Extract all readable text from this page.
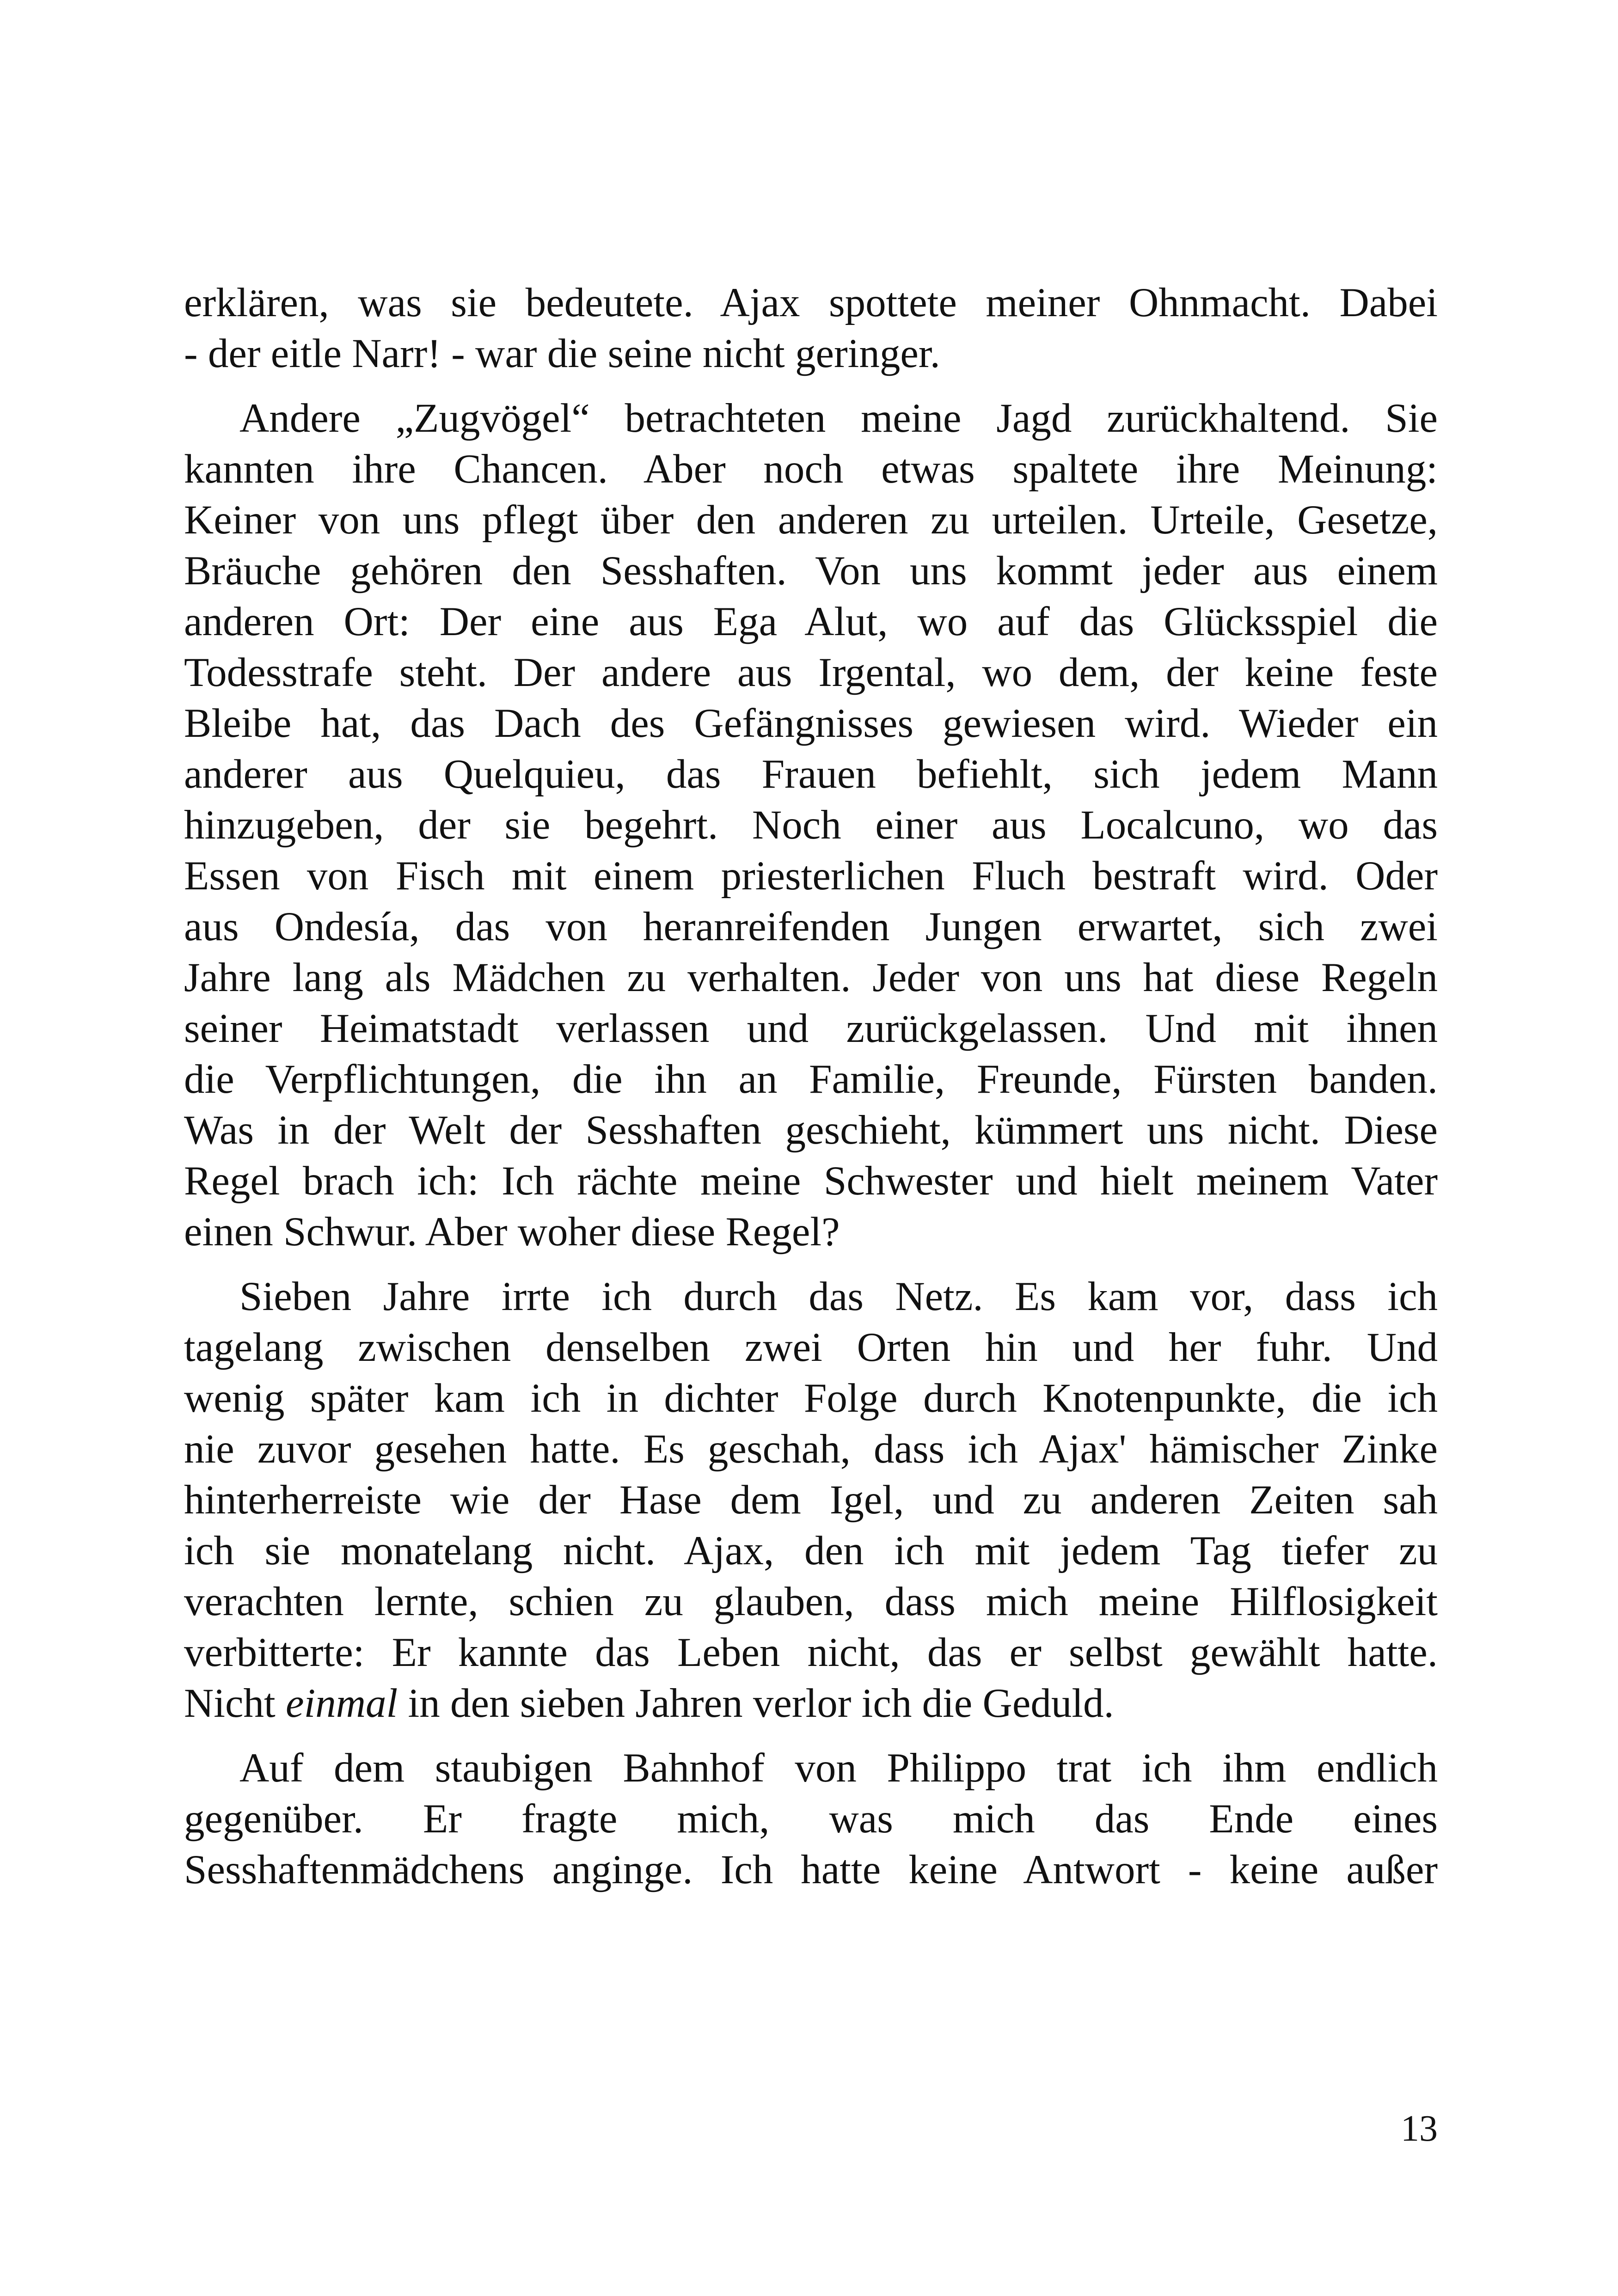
erklären, was sie bedeutete. Ajax spottete meiner Ohnmacht. Dabei
- der eitle Narr! - war die seine nicht geringer.

Andere „Zugvögel“ betrachteten meine Jagd zurückhaltend. Sie
kannten ihre Chancen. Aber noch etwas spaltete ihre Meinung:
Keiner von uns pflegt über den anderen zu urteilen. Urteile, Gesetze,
Bräuche gehören den Sesshaften. Von uns kommt jeder aus einem
anderen Ort: Der eine aus Ega Alut, wo auf das Glücksspiel die
Todesstrafe steht. Der andere aus Irgental, wo dem, der keine feste
Bleibe hat, das Dach des Gefängnisses gewiesen wird. Wieder ein
anderer aus Quelquieu, das Frauen befiehlt, sich jedem Mann
hinzugeben, der sie begehrt. Noch einer aus Localcuno, wo das
Essen von Fisch mit einem priesterlichen Fluch bestraft wird. Oder
aus Ondesía, das von heranreifenden Jungen erwartet, sich zwei
Jahre lang als Mädchen zu verhalten. Jeder von uns hat diese Regeln
seiner Heimatstadt verlassen und zurückgelassen. Und mit ihnen
die Verpflichtungen, die ihn an Familie, Freunde, Fürsten banden.
Was in der Welt der Sesshaften geschieht, kümmert uns nicht. Diese
Regel brach ich: Ich rächte meine Schwester und hielt meinem Vater
einen Schwur. Aber woher diese Regel?

Sieben Jahre irrte ich durch das Netz. Es kam vor, dass ich
tagelang zwischen denselben zwei Orten hin und her fuhr. Und
wenig später kam ich in dichter Folge durch Knotenpunkte, die ich
nie zuvor gesehen hatte. Es geschah, dass ich Ajax' hämischer Zinke
hinterherreiste wie der Hase dem Igel, und zu anderen Zeiten sah
ich sie monatelang nicht. Ajax, den ich mit jedem Tag tiefer zu
verachten lernte, schien zu glauben, dass mich meine Hilflosigkeit
verbitterte: Er kannte das Leben nicht, das er selbst gewählt hatte.
Nicht einmal in den sieben Jahren verlor ich die Geduld.

Auf dem staubigen Bahnhof von Philippo trat ich ihm endlich
gegenüber. Er fragte mich, was mich das Ende eines
Sesshaftenmädchens anginge. Ich hatte keine Antwort - keine außer

13
